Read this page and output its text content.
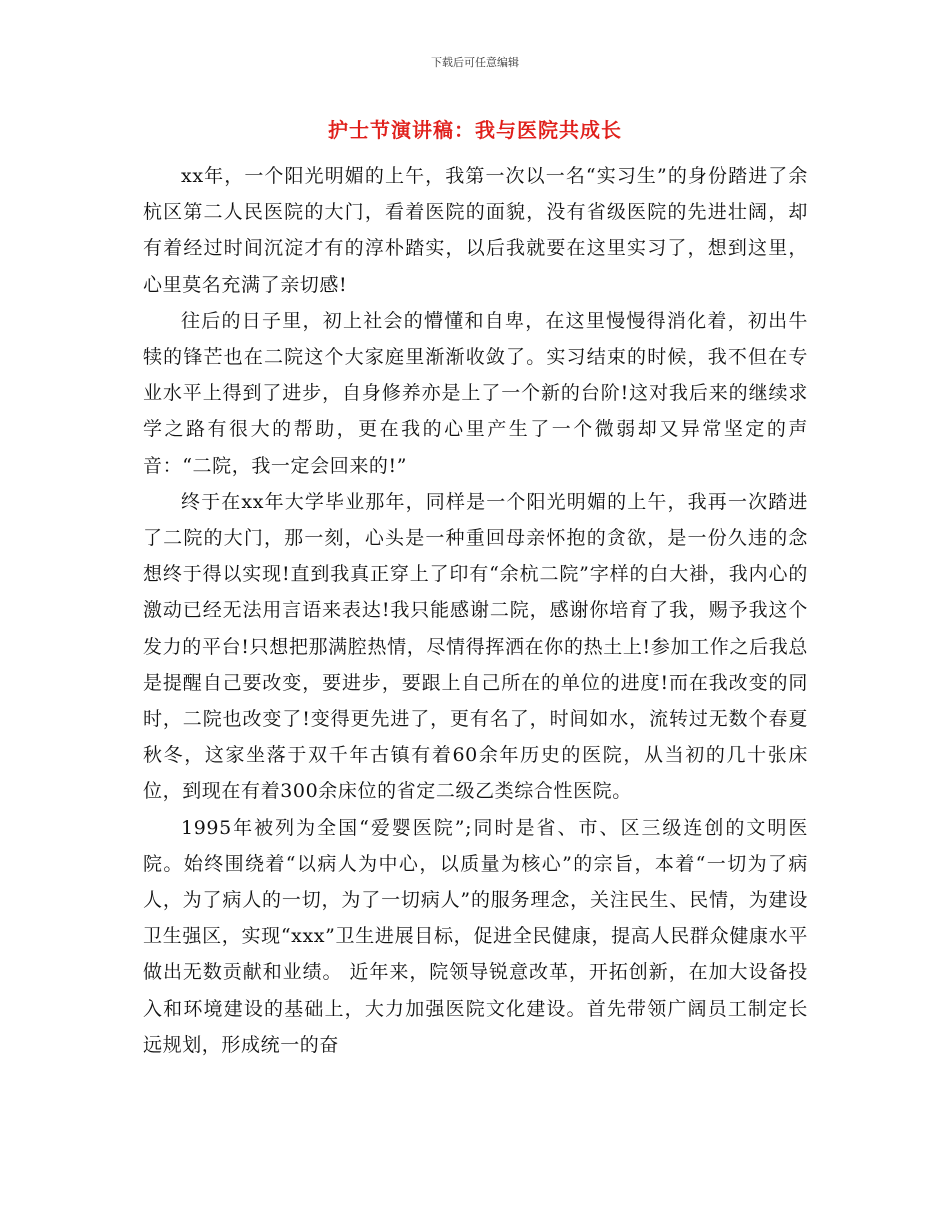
下载后可任意编辑
护士节演讲稿：我与医院共成长

xx年，一个阳光明媚的上午，我第一次以一名“实习生”的身份踏进了余杭区第二人民医院的大门，看着医院的面貌，没有省级医院的先进壮阔，却有着经过时间沉淀才有的淳朴踏实，以后我就要在这里实习了，想到这里，心里莫名充满了亲切感!

往后的日子里，初上社会的懵懂和自卑，在这里慢慢得消化着，初出牛犊的锋芒也在二院这个大家庭里渐渐收敛了。实习结束的时候，我不但在专业水平上得到了进步，自身修养亦是上了一个新的台阶!这对我后来的继续求学之路有很大的帮助，更在我的心里产生了一个微弱却又异常坚定的声音：“二院，我一定会回来的!”

终于在xx年大学毕业那年，同样是一个阳光明媚的上午，我再一次踏进了二院的大门，那一刻，心头是一种重回母亲怀抱的贪欲，是一份久违的念想终于得以实现!直到我真正穿上了印有“余杭二院”字样的白大褂，我内心的激动已经无法用言语来表达!我只能感谢二院，感谢你培育了我，赐予我这个发力的平台!只想把那满腔热情，尽情得挥洒在你的热土上!参加工作之后我总是提醒自己要改变，要进步，要跟上自己所在的单位的进度!而在我改变的同时，二院也改变了!变得更先进了，更有名了，时间如水，流转过无数个春夏秋冬，这家坐落于双千年古镇有着60余年历史的医院，从当初的几十张床位，到现在有着300余床位的省定二级乙类综合性医院。

1995年被列为全国“爱婴医院”;同时是省、市、区三级连创的文明医院。始终围绕着“以病人为中心，以质量为核心”的宗旨，本着“一切为了病人，为了病人的一切，为了一切病人”的服务理念，关注民生、民情，为建设卫生强区，实现“xxx”卫生进展目标，促进全民健康，提高人民群众健康水平做出无数贡献和业绩。 近年来，院领导锐意改革，开拓创新，在加大设备投入和环境建设的基础上，大力加强医院文化建设。首先带领广阔员工制定长远规划，形成统一的奋
